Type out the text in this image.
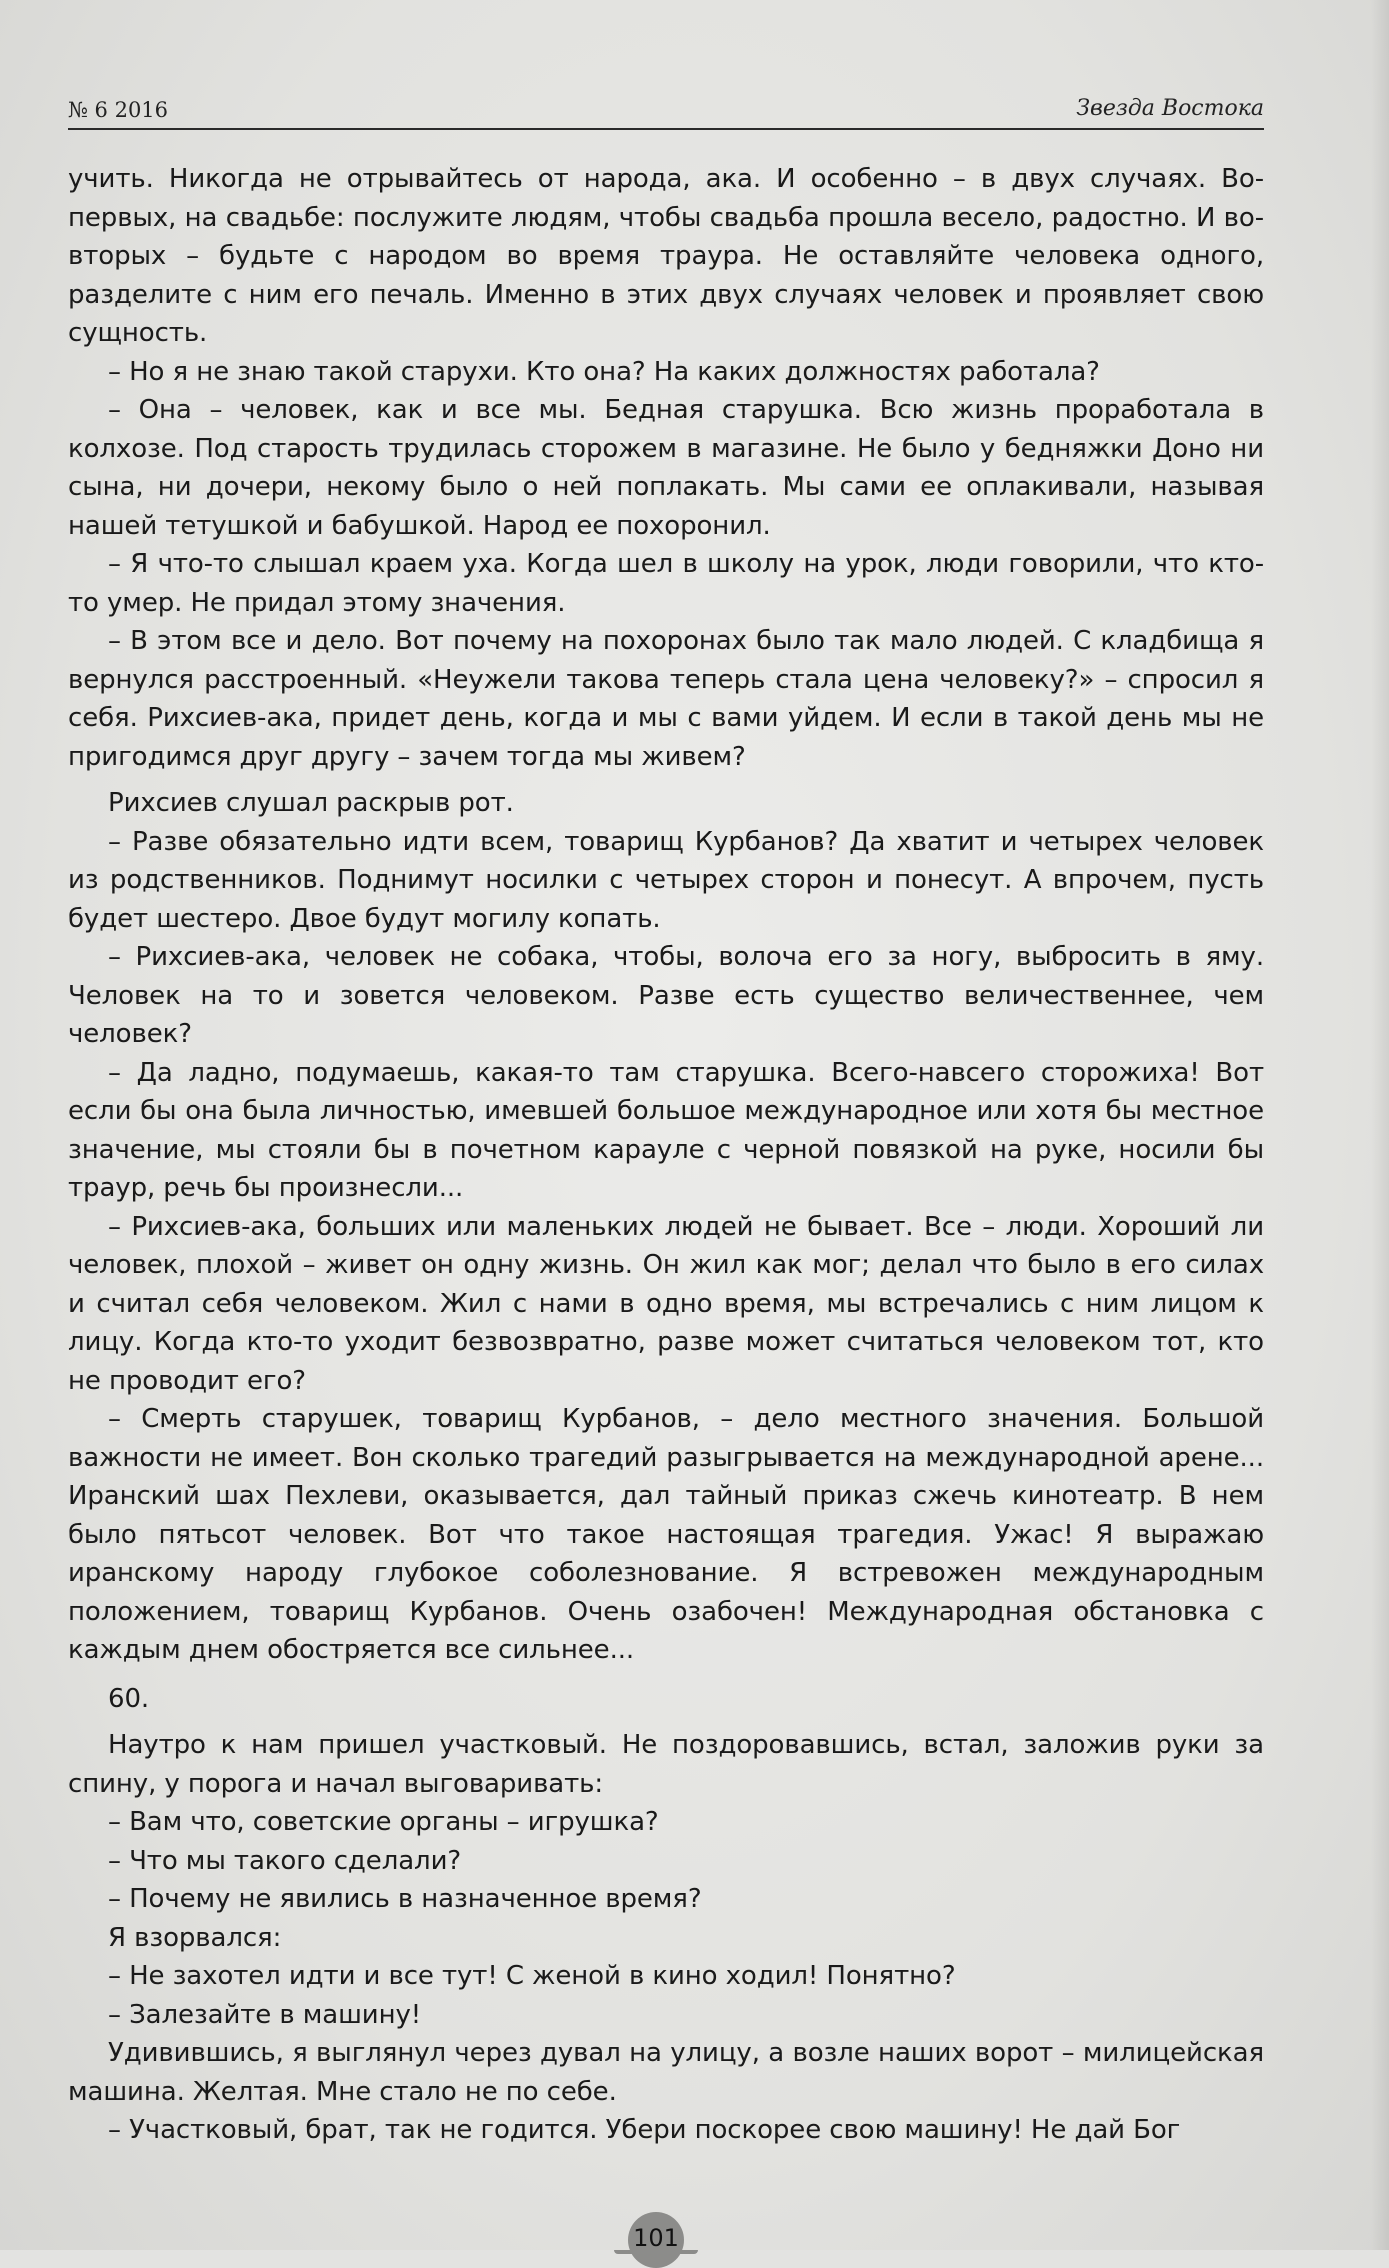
№ 6 2016	Звезда Востока

учить. Никогда не отрывайтесь от народа, ака. И особенно – в двух случаях. Во-первых, на свадьбе: послужите людям, чтобы свадьба прошла весело, радостно. И во-вторых – будьте с народом во время траура. Не оставляйте человека одного, разделите с ним его печаль. Именно в этих двух случаях человек и проявляет свою сущность.

– Но я не знаю такой старухи. Кто она? На каких должностях работала?

– Она – человек, как и все мы. Бедная старушка. Всю жизнь проработала в колхозе. Под старость трудилась сторожем в магазине. Не было у бедняжки Доно ни сына, ни дочери, некому было о ней поплакать. Мы сами ее оплакивали, называя нашей тетушкой и бабушкой. Народ ее похоронил.

– Я что-то слышал краем уха. Когда шел в школу на урок, люди говорили, что кто-то умер. Не придал этому значения.

– В этом все и дело. Вот почему на похоронах было так мало людей. С кладбища я вернулся расстроенный. «Неужели такова теперь стала цена человеку?» – спросил я себя. Рихсиев-ака, придет день, когда и мы с вами уйдем. И если в такой день мы не пригодимся друг другу – зачем тогда мы живем?

Рихсиев слушал раскрыв рот.

– Разве обязательно идти всем, товарищ Курбанов? Да хватит и четырех человек из родственников. Поднимут носилки с четырех сторон и понесут. А впрочем, пусть будет шестеро. Двое будут могилу копать.

– Рихсиев-ака, человек не собака, чтобы, волоча его за ногу, выбросить в яму. Человек на то и зовется человеком. Разве есть существо величественнее, чем человек?

– Да ладно, подумаешь, какая-то там старушка. Всего-навсего сторожиха! Вот если бы она была личностью, имевшей большое международное или хотя бы местное значение, мы стояли бы в почетном карауле с черной повязкой на руке, носили бы траур, речь бы произнесли...

– Рихсиев-ака, больших или маленьких людей не бывает. Все – люди. Хороший ли человек, плохой – живет он одну жизнь. Он жил как мог; делал что было в его силах и считал себя человеком. Жил с нами в одно время, мы встречались с ним лицом к лицу. Когда кто-то уходит безвозвратно, разве может считаться человеком тот, кто не проводит его?

– Смерть старушек, товарищ Курбанов, – дело местного значения. Большой важности не имеет. Вон сколько трагедий разыгрывается на международной арене... Иранский шах Пехлеви, оказывается, дал тайный приказ сжечь кинотеатр. В нем было пятьсот человек. Вот что такое настоящая трагедия. Ужас! Я выражаю иранскому народу глубокое соболезнование. Я встревожен международным положением, товарищ Курбанов. Очень озабочен! Международная обстановка с каждым днем обостряется все сильнее...

60.

Наутро к нам пришел участковый. Не поздоровавшись, встал, заложив руки за спину, у порога и начал выговаривать:

– Вам что, советские органы – игрушка?

– Что мы такого сделали?

– Почему не явились в назначенное время?

Я взорвался:

– Не захотел идти и все тут! С женой в кино ходил! Понятно?

– Залезайте в машину!

Удивившись, я выглянул через дувал на улицу, а возле наших ворот – милицейская машина. Желтая. Мне стало не по себе.

– Участковый, брат, так не годится. Убери поскорее свою машину! Не дай Бог

101
